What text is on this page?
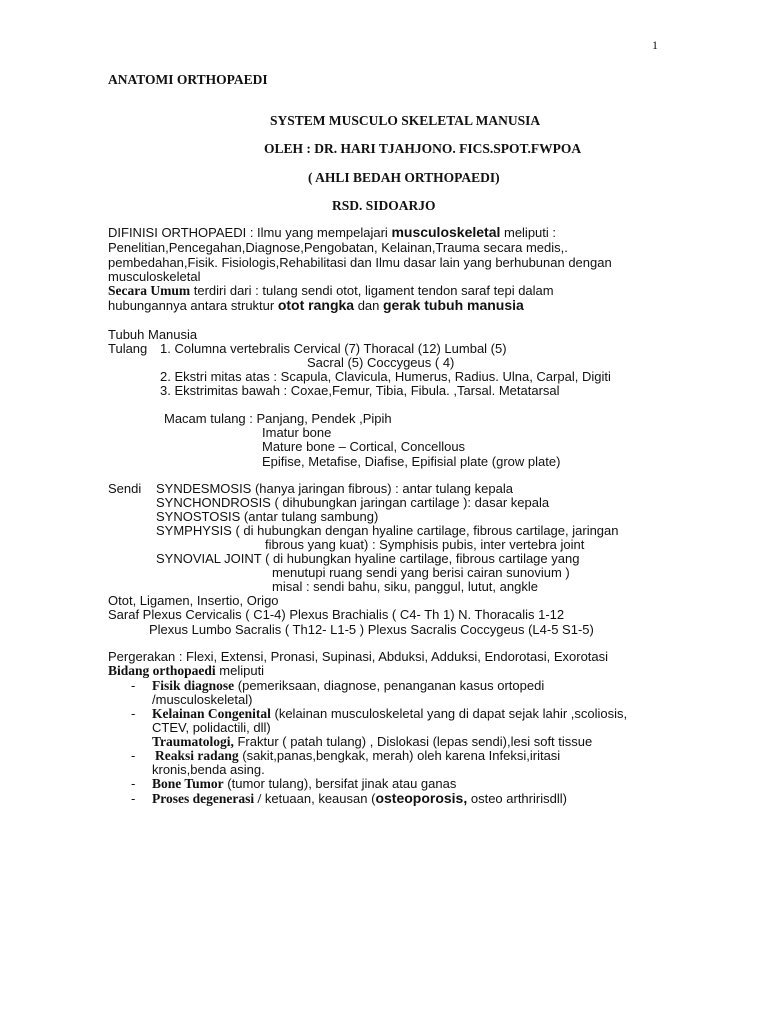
1
ANATOMI ORTHOPAEDI
SYSTEM MUSCULO SKELETAL MANUSIA
OLEH : DR. HARI TJAHJONO. FICS.SPOT.FWPOA
( AHLI BEDAH ORTHOPAEDI)
RSD. SIDOARJO
DIFINISI ORTHOPAEDI : Ilmu yang mempelajari musculoskeletal meliputi :
Penelitian,Pencegahan,Diagnose,Pengobatan, Kelainan,Trauma secara medis,.
pembedahan,Fisik. Fisiologis,Rehabilitasi dan Ilmu dasar lain yang berhubunan dengan
musculoskeletal
Secara Umum terdiri dari : tulang sendi otot, ligament tendon saraf tepi dalam
hubungannya antara struktur otot rangka dan gerak tubuh manusia
Tubuh Manusia
Tulang 1. Columna vertebralis Cervical (7) Thoracal (12) Lumbal (5)
Sacral (5) Coccygeus ( 4)
2. Ekstri mitas atas : Scapula, Clavicula, Humerus, Radius. Ulna, Carpal, Digiti
3. Ekstrimitas bawah : Coxae,Femur, Tibia, Fibula. ,Tarsal. Metatarsal
Macam tulang : Panjang, Pendek ,Pipih
Imatur bone
Mature bone – Cortical, Concellous
Epifise, Metafise, Diafise, Epifisial plate (grow plate)
Sendi SYNDESMOSIS (hanya jaringan fibrous) : antar tulang kepala
SYNCHONDROSIS ( dihubungkan jaringan cartilage ): dasar kepala
SYNOSTOSIS (antar tulang sambung)
SYMPHYSIS ( di hubungkan dengan hyaline cartilage, fibrous cartilage, jaringan
fibrous yang kuat) : Symphisis pubis, inter vertebra joint
SYNOVIAL JOINT ( di hubungkan hyaline cartilage, fibrous cartilage yang
menutupi ruang sendi yang berisi cairan sunovium )
misal : sendi bahu, siku, panggul, lutut, angkle
Otot, Ligamen, Insertio, Origo
Saraf Plexus Cervicalis ( C1-4) Plexus Brachialis ( C4- Th 1) N. Thoracalis 1-12
Plexus Lumbo Sacralis ( Th12- L1-5 ) Plexus Sacralis Coccygeus (L4-5 S1-5)
Pergerakan : Flexi, Extensi, Pronasi, Supinasi, Abduksi, Adduksi, Endorotasi, Exorotasi
Bidang orthopaedi meliputi
- Fisik diagnose (pemeriksaan, diagnose, penanganan kasus ortopedi
/musculoskeletal)
- Kelainan Congenital (kelainan musculoskeletal yang di dapat sejak lahir ,scoliosis,
CTEV, polidactili, dll)
Traumatologi, Fraktur ( patah tulang) , Dislokasi (lepas sendi),lesi soft tissue
- Reaksi radang (sakit,panas,bengkak, merah) oleh karena Infeksi,iritasi
kronis,benda asing.
- Bone Tumor (tumor tulang), bersifat jinak atau ganas
- Proses degenerasi / ketuaan, keausan (osteoporosis, osteo arthririsdll)
